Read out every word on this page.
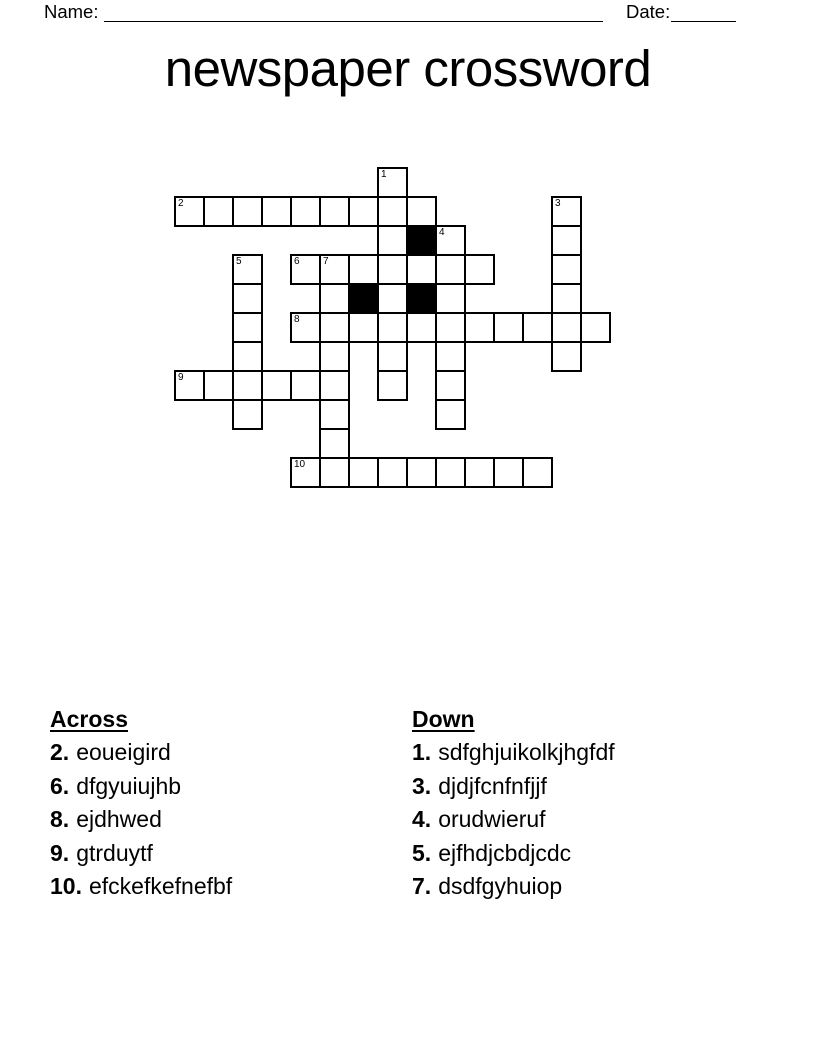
Name:	Date:
newspaper crossword
1
2	3
4
5	6 7
8
9
10
Across
2. eoueigird
6. dfgyuiujhb
8. ejdhwed
9. gtrduytf
10. efckefkefnefbf
Down
1. sdfghjuikolkjhgfdf
3. djdjfcnfnfjjf
4. orudwieruf
5. ejfhdjcbdjcdc
7. dsdfgyhuiop
